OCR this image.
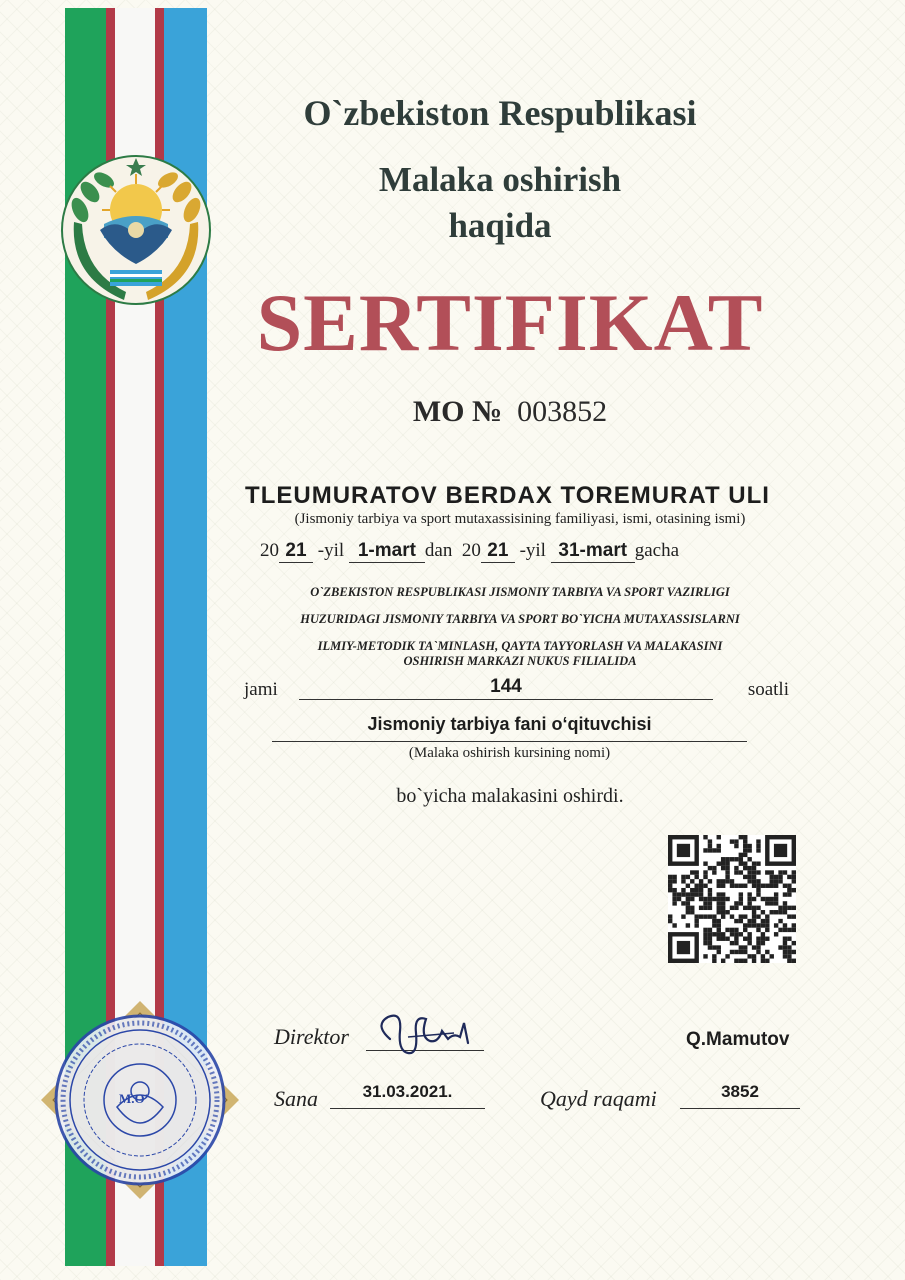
O`zbekiston Respublikasi
Malaka oshirish
haqida
SERTIFIKAT
MO № 003852
TLEUMURATOV BERDAX TOREMURAT ULI
(Jismoniy tarbiya va sport mutaxassisining familiyasi, ismi, otasining ismi)
20 21 -yil 1-mart dan 20 21 -yil 31-mart gacha
O`ZBEKISTON RESPUBLIKASI JISMONIY TARBIYA VA SPORT VAZIRLIGI
HUZURIDAGI JISMONIY TARBIYA VA SPORT BO`YICHA MUTAXASSISLARNI
ILMIY-METODIK TA`MINLASH, QAYTA TAYYORLASH VA MALAKASINI
OSHIRISH MARKAZI NUKUS FILIALIDA
jami	144	soatli
Jismoniy tarbiya fani o‘qituvchisi
(Malaka oshirish kursining nomi)
bo`yicha malakasini oshirdi.
Direktor	Q.Mamutov
Sana	31.03.2021.	Qayd raqami	3852
M.O'
